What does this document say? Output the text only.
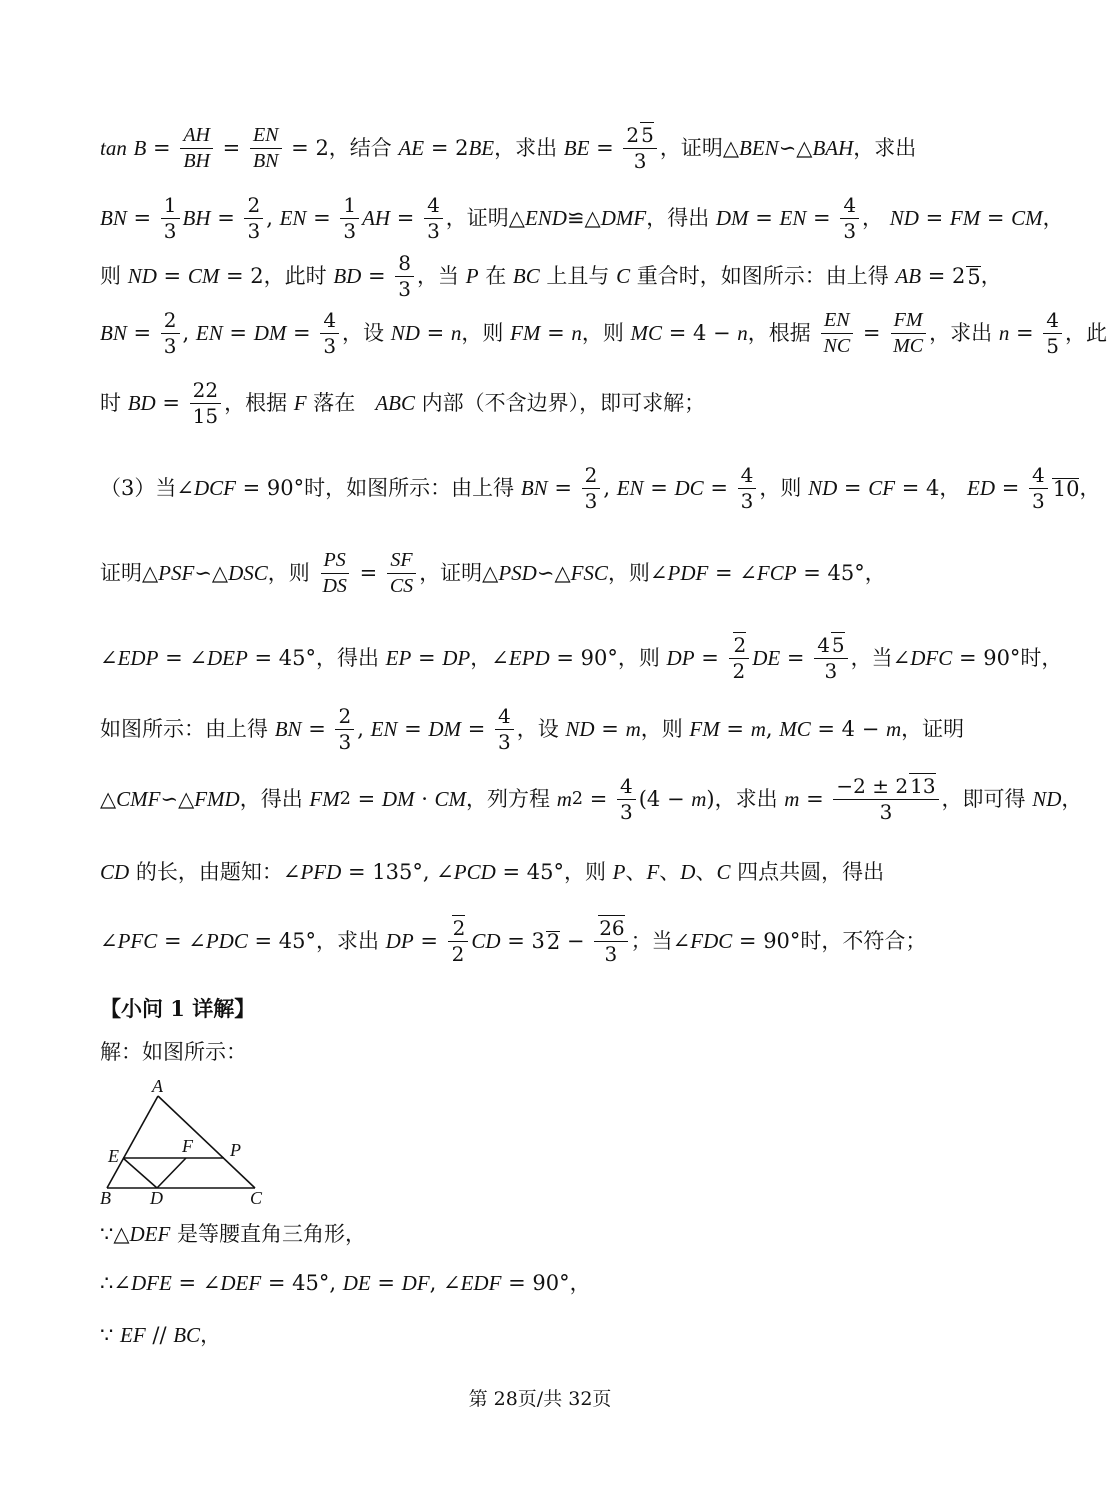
tan
$B = \frac{AH}{BH} = \frac{EN}{BN} = 2$，结合 AE = 2 BE ，求出 BE = $\frac{2 5}{3}$ ，证明△ BEN ∽△ BAH ，求出
BN = $\frac{1}{3}$ BH = $\frac{2}{3}$ , EN = $\frac{1}{3}$ AH = $\frac{4}{3}$ ，证明△ END ≌△ DMF ，得出 DM = EN = $\frac{4}{3}$ ， ND = FM = CM ，
则 ND = CM = 2，此时 BD = $\frac{8}{3}$ ，当 P 在 BC 上且与 C 重合时，如图所示：由上得 AB = 2 5 ，
BN = $\frac{2}{3}$ , EN = DM = $\frac{4}{3}$ ，设 ND = n ，则 FM = n ，则 MC = 4 − n ，根据 $\frac{EN}{NC} = \frac{FM}{MC}$ ，求出 $n = \frac{4}{5}$ ，此
时 BD = $\frac{22}{15}$ ，根据 F 落在 ABC 内部（不含边界），即可求解；
（3）当∠ DCF = 90°时，如图所示：由上得 BN = $\frac{2}{3}$ , EN = DC = $\frac{4}{3}$ ，则 ND = CF = 4， ED = $\frac{4}{3} 10$ ，
证明△ PSF ∽△ DSC ，则 $\frac{PS}{DS} = \frac{SF}{CS}$ ，证明△ PSD ∽△ FSC ，则∠ PDF = ∠ FCP = 45°，
∠ EDP = ∠ DEP = 45°，得出 EP = DP ，∠ EPD = 90°，则 DP = $\frac{2}{2}$ DE = $\frac{4 5}{3}$ ，当∠ DFC = 90°时，
如图所示：由上得 BN = $\frac{2}{3}$ , EN = DM = $\frac{4}{3}$ ，设 ND = m ，则 FM = m , MC = 4 − m ，证明
△ CMF ∽△ FMD ，得出 FM 2 = DM · CM ，列方程 m $2 = \frac{4}{3} (4 - m$ )，求出 $m = \frac{-2 \pm 2 13}{3}$ ，即可得 ND ，
CD 的长，由题知：∠ PFD = 135°, ∠ PCD = 45°，则 P 、 F 、 D 、 C 四点共圆，得出
∠ PFC = ∠ PDC = 45°，求出 DP = $\frac{2}{2}$ CD = 3 $2 - \frac{26}{3}$ ；当∠ FDC = 90°时，不符合；
【小问 1 详解】
解：如图所示：
A
E	F P
B D	C
∵△ DEF 是等腰直角三角形，
∴∠ DFE = ∠ DEF = 45°, DE = DF , ∠ EDF = 90°，
∵ EF // BC ，
第 28页/共 32页
